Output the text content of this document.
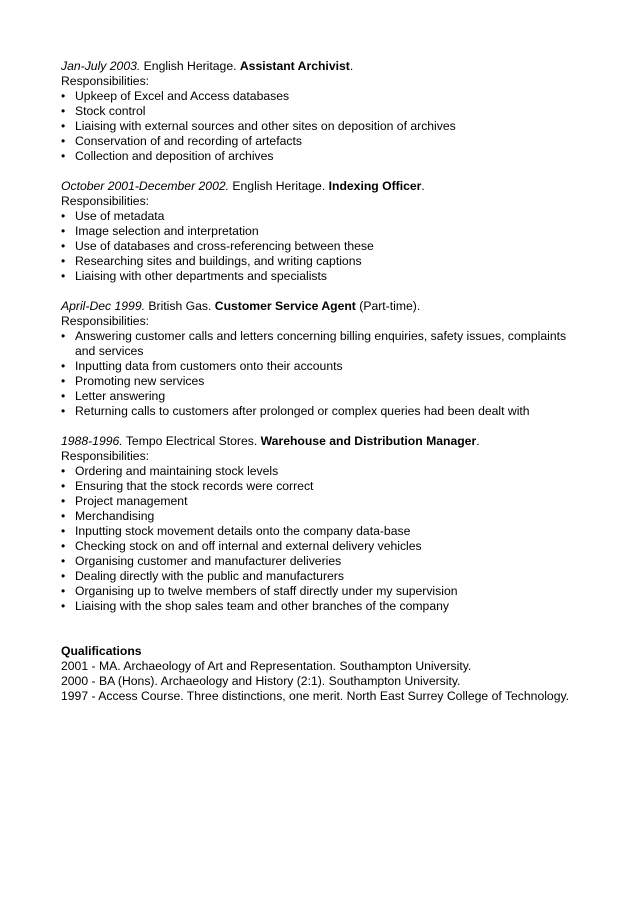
Jan-July 2003. English Heritage. Assistant Archivist.
Responsibilities:
• Upkeep of Excel and Access databases
• Stock control
• Liaising with external sources and other sites on deposition of archives
• Conservation of and recording of artefacts
• Collection and deposition of archives
October 2001-December 2002. English Heritage. Indexing Officer.
Responsibilities:
• Use of metadata
• Image selection and interpretation
• Use of databases and cross-referencing between these
• Researching sites and buildings, and writing captions
• Liaising with other departments and specialists
April-Dec 1999. British Gas. Customer Service Agent (Part-time).
Responsibilities:
• Answering customer calls and letters concerning billing enquiries, safety issues, complaints and services
• Inputting data from customers onto their accounts
• Promoting new services
• Letter answering
• Returning calls to customers after prolonged or complex queries had been dealt with
1988-1996. Tempo Electrical Stores. Warehouse and Distribution Manager.
Responsibilities:
• Ordering and maintaining stock levels
• Ensuring that the stock records were correct
• Project management
• Merchandising
• Inputting stock movement details onto the company data-base
• Checking stock on and off internal and external delivery vehicles
• Organising customer and manufacturer deliveries
• Dealing directly with the public and manufacturers
• Organising up to twelve members of staff directly under my supervision
• Liaising with the shop sales team and other branches of the company
Qualifications
2001 - MA. Archaeology of Art and Representation. Southampton University.
2000 - BA (Hons). Archaeology and History (2:1). Southampton University.
1997 - Access Course. Three distinctions, one merit. North East Surrey College of Technology.
